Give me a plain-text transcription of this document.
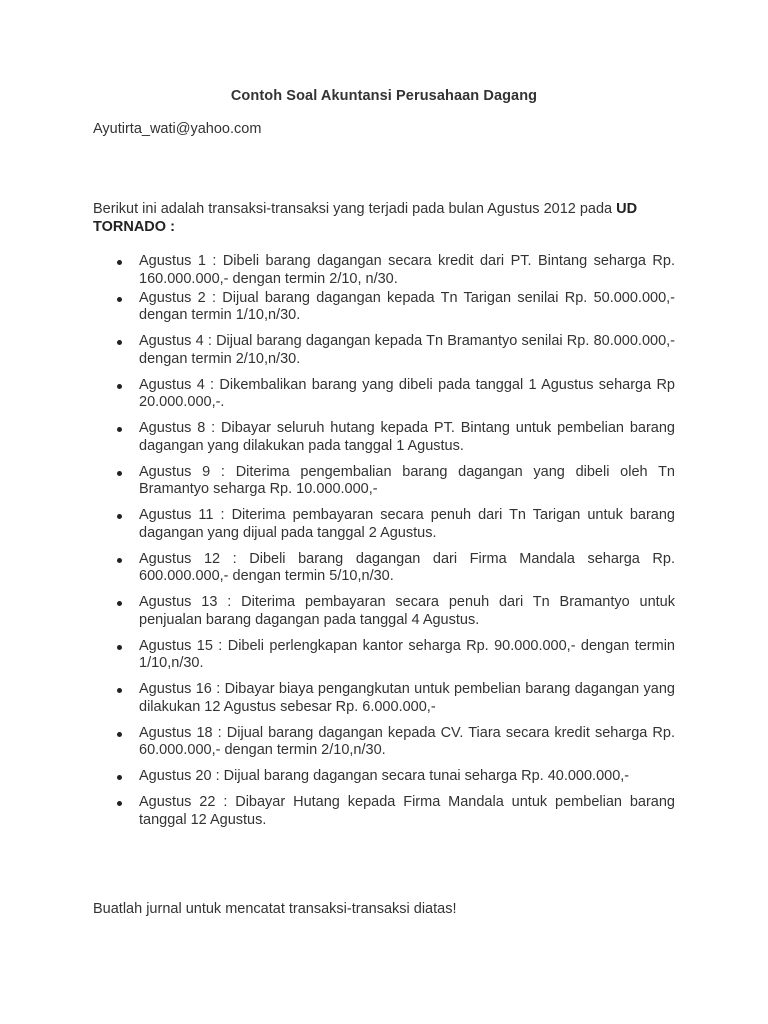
Contoh Soal Akuntansi Perusahaan Dagang
Ayutirta_wati@yahoo.com
Berikut ini adalah transaksi-transaksi yang terjadi pada bulan Agustus 2012 pada UD TORNADO :
Agustus 1 : Dibeli barang dagangan secara kredit dari PT. Bintang seharga Rp. 160.000.000,- dengan termin 2/10, n/30.
Agustus 2 : Dijual barang dagangan kepada Tn Tarigan senilai Rp. 50.000.000,- dengan termin 1/10,n/30.
Agustus 4 : Dijual barang dagangan kepada Tn Bramantyo senilai Rp. 80.000.000,- dengan termin 2/10,n/30.
Agustus 4 : Dikembalikan barang yang dibeli pada tanggal 1 Agustus seharga Rp 20.000.000,-.
Agustus 8 : Dibayar seluruh hutang kepada PT. Bintang untuk pembelian barang dagangan yang dilakukan pada tanggal 1 Agustus.
Agustus 9 : Diterima pengembalian barang dagangan yang dibeli oleh Tn Bramantyo seharga Rp. 10.000.000,-
Agustus 11 : Diterima pembayaran secara penuh dari Tn Tarigan untuk barang dagangan yang dijual pada tanggal 2 Agustus.
Agustus 12 : Dibeli barang dagangan dari Firma Mandala seharga Rp. 600.000.000,- dengan termin 5/10,n/30.
Agustus 13 : Diterima pembayaran secara penuh dari Tn Bramantyo untuk penjualan barang dagangan pada tanggal 4 Agustus.
Agustus 15 : Dibeli perlengkapan kantor seharga Rp. 90.000.000,- dengan termin 1/10,n/30.
Agustus 16 : Dibayar biaya pengangkutan untuk pembelian barang dagangan yang dilakukan 12 Agustus sebesar Rp. 6.000.000,-
Agustus 18 : Dijual barang dagangan kepada CV. Tiara secara kredit seharga Rp. 60.000.000,- dengan termin 2/10,n/30.
Agustus 20 : Dijual barang dagangan secara tunai seharga Rp. 40.000.000,-
Agustus 22 : Dibayar Hutang kepada Firma Mandala untuk pembelian barang tanggal 12 Agustus.
Buatlah jurnal untuk mencatat transaksi-transaksi diatas!
